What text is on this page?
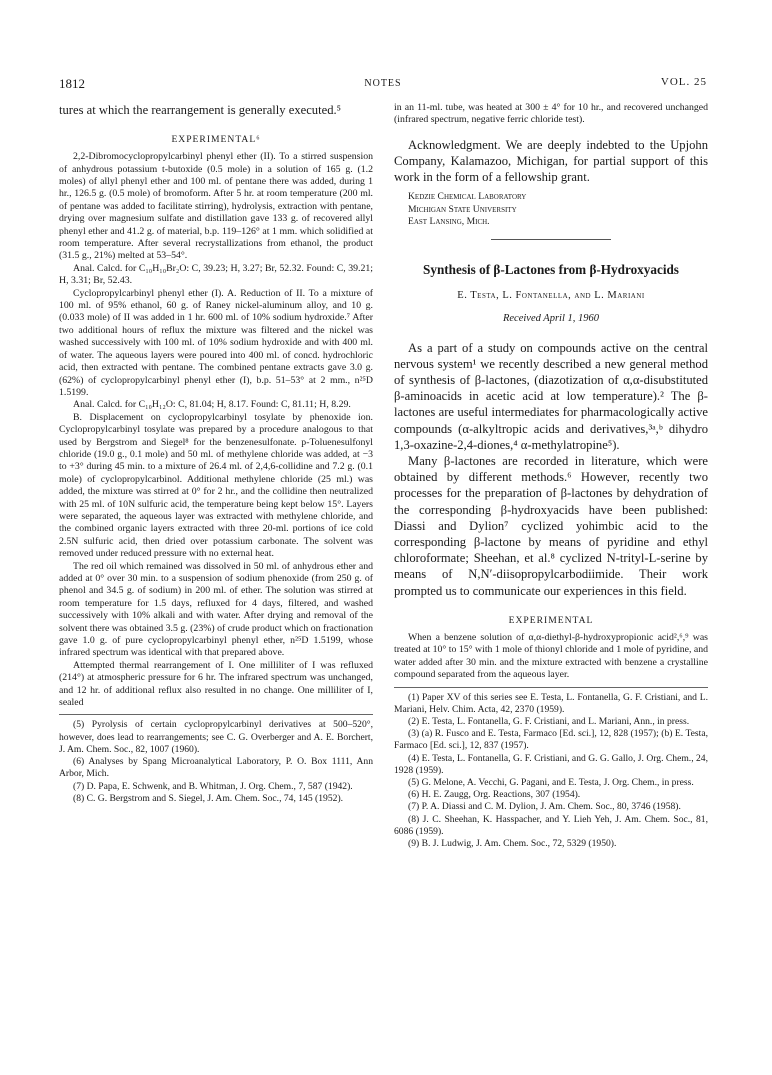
1812	NOTES	VOL. 25

tures at which the rearrangement is generally executed.⁵

EXPERIMENTAL⁶

2,2-Dibromocyclopropylcarbinyl phenyl ether (II). To a stirred suspension of anhydrous potassium t-butoxide (0.5 mole) in a solution of 165 g. (1.2 moles) of allyl phenyl ether and 100 ml. of pentane there was added, during 1 hr., 126.5 g. (0.5 mole) of bromoform. After 5 hr. at room temperature (200 ml. of pentane was added to facilitate stirring), hydrolysis, extraction with pentane, drying over magnesium sulfate and distillation gave 133 g. of recovered allyl phenyl ether and 41.2 g. of material, b.p. 119–126° at 1 mm. which solidified at room temperature. After several recrystallizations from ethanol, the product (31.5 g., 21%) melted at 53–54°.

Anal. Calcd. for C₁₀H₁₀Br₂O: C, 39.23; H, 3.27; Br, 52.32. Found: C, 39.21; H, 3.31; Br, 52.43.

Cyclopropylcarbinyl phenyl ether (I). A. Reduction of II. To a mixture of 100 ml. of 95% ethanol, 60 g. of Raney nickel-aluminum alloy, and 10 g. (0.033 mole) of II was added in 1 hr. 600 ml. of 10% sodium hydroxide.⁷ After two additional hours of reflux the mixture was filtered and the nickel was washed successively with 100 ml. of 10% sodium hydroxide and with 400 ml. of water. The aqueous layers were poured into 400 ml. of concd. hydrochloric acid, then extracted with pentane. The combined pentane extracts gave 3.0 g. (62%) of cyclopropylcarbinyl phenyl ether (I), b.p. 51–53° at 2 mm., n²⁵D 1.5199.

Anal. Calcd. for C₁₀H₁₂O: C, 81.04; H, 8.17. Found: C, 81.11; H, 8.29.

B. Displacement on cyclopropylcarbinyl tosylate by phenoxide ion. Cyclopropylcarbinyl tosylate was prepared by a procedure analogous to that used by Bergstrom and Siegel⁸ for the benzenesulfonate. p-Toluenesulfonyl chloride (19.0 g., 0.1 mole) and 50 ml. of methylene chloride was added, at −3 to +3° during 45 min. to a mixture of 26.4 ml. of 2,4,6-collidine and 7.2 g. (0.1 mole) of cyclopropylcarbinol. Additional methylene chloride (25 ml.) was added, the mixture was stirred at 0° for 2 hr., and the collidine then neutralized with 25 ml. of 10N sulfuric acid, the temperature being kept below 15°. Layers were separated, the aqueous layer was extracted with methylene chloride, and the combined organic layers extracted with three 20-ml. portions of ice cold 2.5N sulfuric acid, then dried over potassium carbonate. The solvent was removed under reduced pressure with no external heat.

The red oil which remained was dissolved in 50 ml. of anhydrous ether and added at 0° over 30 min. to a suspension of sodium phenoxide (from 250 g. of phenol and 34.5 g. of sodium) in 200 ml. of ether. The solution was stirred at room temperature for 1.5 days, refluxed for 4 days, filtered, and washed successively with 10% alkali and with water. After drying and removal of the solvent there was obtained 3.5 g. (23%) of crude product which on fractionation gave 1.0 g. of pure cyclopropylcarbinyl phenyl ether, n²⁵D 1.5199, whose infrared spectrum was identical with that prepared above.

Attempted thermal rearrangement of I. One milliliter of I was refluxed (214°) at atmospheric pressure for 6 hr. The infrared spectrum was unchanged, and 12 hr. of additional reflux also resulted in no change. One milliliter of I, sealed

(5) Pyrolysis of certain cyclopropylcarbinyl derivatives at 500–520°, however, does lead to rearrangements; see C. G. Overberger and A. E. Borchert, J. Am. Chem. Soc., 82, 1007 (1960).

(6) Analyses by Spang Microanalytical Laboratory, P. O. Box 1111, Ann Arbor, Mich.

(7) D. Papa, E. Schwenk, and B. Whitman, J. Org. Chem., 7, 587 (1942).

(8) C. G. Bergstrom and S. Siegel, J. Am. Chem. Soc., 74, 145 (1952).

in an 11-ml. tube, was heated at 300 ± 4° for 10 hr., and recovered unchanged (infrared spectrum, negative ferric chloride test).

Acknowledgment. We are deeply indebted to the Upjohn Company, Kalamazoo, Michigan, for partial support of this work in the form of a fellowship grant.

Kedzie Chemical Laboratory
Michigan State University
East Lansing, Mich.
Synthesis of β-Lactones from β-Hydroxyacids
E. Testa, L. Fontanella, and L. Mariani
Received April 1, 1960

As a part of a study on compounds active on the central nervous system¹ we recently described a new general method of synthesis of β-lactones, (diazotization of α,α-disubstituted β-aminoacids in acetic acid at low temperature).² The β-lactones are useful intermediates for pharmacologically active compounds (α-alkyltropic acids and derivatives,³ᵃ,ᵇ dihydro 1,3-oxazine-2,4-diones,⁴ α-methylatropine⁵).

Many β-lactones are recorded in literature, which were obtained by different methods.⁶ However, recently two processes for the preparation of β-lactones by dehydration of the corresponding β-hydroxyacids have been published: Diassi and Dylion⁷ cyclized yohimbic acid to the corresponding β-lactone by means of pyridine and ethyl chloroformate; Sheehan, et al.⁸ cyclized N-trityl-L-serine by means of N,N′-diisopropylcarbodiimide. Their work prompted us to communicate our experiences in this field.

EXPERIMENTAL

When a benzene solution of α,α-diethyl-β-hydroxypropionic acid²,⁶,⁹ was treated at 10° to 15° with 1 mole of thionyl chloride and 1 mole of pyridine, and water added after 30 min. and the mixture extracted with benzene a crystalline compound separated from the aqueous layer.

(1) Paper XV of this series see E. Testa, L. Fontanella, G. F. Cristiani, and L. Mariani, Helv. Chim. Acta, 42, 2370 (1959).

(2) E. Testa, L. Fontanella, G. F. Cristiani, and L. Mariani, Ann., in press.

(3) (a) R. Fusco and E. Testa, Farmaco [Ed. sci.], 12, 828 (1957); (b) E. Testa, Farmaco [Ed. sci.], 12, 837 (1957).

(4) E. Testa, L. Fontanella, G. F. Cristiani, and G. G. Gallo, J. Org. Chem., 24, 1928 (1959).

(5) G. Melone, A. Vecchi, G. Pagani, and E. Testa, J. Org. Chem., in press.

(6) H. E. Zaugg, Org. Reactions, 307 (1954).

(7) P. A. Diassi and C. M. Dylion, J. Am. Chem. Soc., 80, 3746 (1958).

(8) J. C. Sheehan, K. Hasspacher, and Y. Lieh Yeh, J. Am. Chem. Soc., 81, 6086 (1959).

(9) B. J. Ludwig, J. Am. Chem. Soc., 72, 5329 (1950).
